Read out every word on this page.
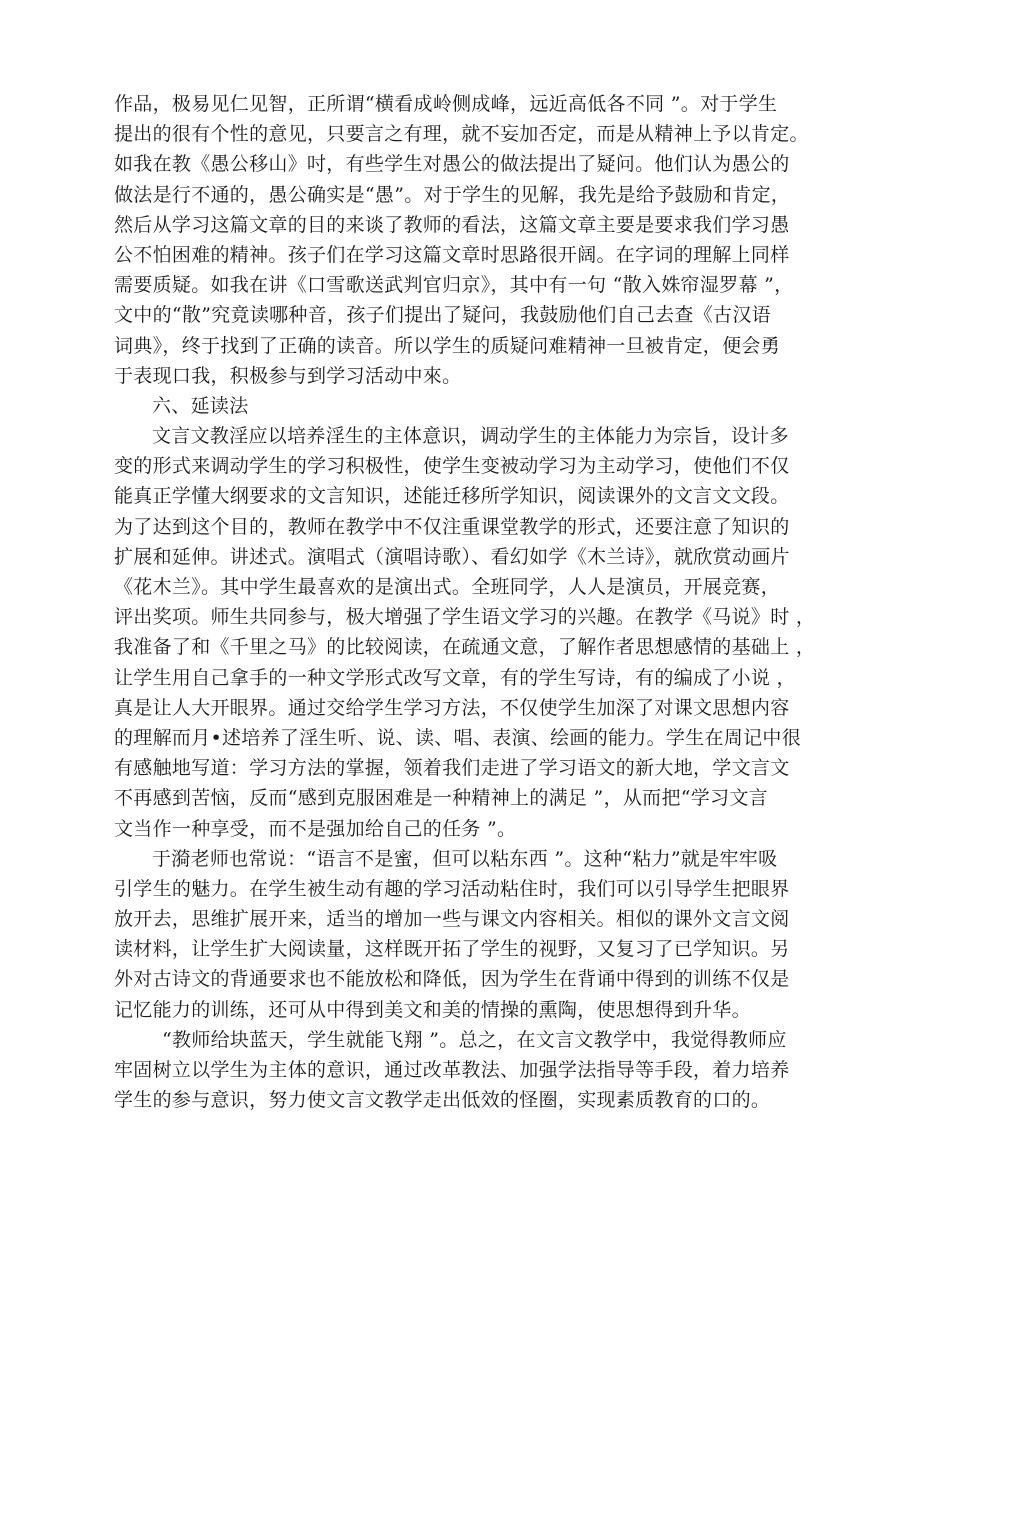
作品，极易见仁见智，正所谓“横看成岭侧成峰，远近高低各不同 ”。对于学生
提出的很有个性的意见，只要言之有理，就不妄加否定，而是从精神上予以肯定。
如我在教《愚公移山》吋，有些学生对愚公的做法提出了疑问。他们认为愚公的
做法是行不通的，愚公确实是“愚”。对于学生的见解，我先是给予鼓励和肯定，
然后从学习这篇文章的目的来谈了教师的看法，这篇文章主要是要求我们学习愚
公不怕困难的精神。孩子们在学习这篇文章时思路很开阔。在字词的理解上同样
需要质疑。如我在讲《口雪歌送武判官归京》，其中有一句 “散入姝帘湿罗幕 ”，
文中的“散”究竟读哪种音，孩子们提出了疑问，我鼓励他们自己去查《古汉语
词典》，终于找到了正确的读音。所以学生的质疑问难精神一旦被肯定，便会勇
于表现口我，积极参与到学习活动中來。
六、延读法
文言文教淫应以培养淫生的主体意识，调动学生的主体能力为宗旨，设计多
变的形式来调动学生的学习积极性，使学生变被动学习为主动学习，使他们不仅
能真正学懂大纲要求的文言知识，述能迁移所学知识，阅读课外的文言文文段。
为了达到这个目的，教师在教学中不仅注重课堂教学的形式，还要注意了知识的
扩展和延伸。讲述式。演唱式（演唱诗歌）、看幻如学《木兰诗》，就欣赏动画片
《花木兰》。其中学生最喜欢的是演出式。全班同学，人人是演员，开展竞赛，
评出奖项。师生共同参与，极大增强了学生语文学习的兴趣。在教学《马说》时 ，
我准备了和《千里之马》的比较阅读，在疏通文意，了解作者思想感情的基础上 ，
让学生用自己拿手的一种文学形式改写文章，有的学生写诗，有的编成了小说 ，
真是让人大开眼界。通过交给学生学习方法，不仅使学生加深了对课文思想内容
的理解而月•述培养了淫生听、说、读、唱、表演、绘画的能力。学生在周记中很
有感触地写道：学习方法的掌握，领着我们走进了学习语文的新大地，学文言文
不再感到苦恼，反而“感到克服困难是一种精神上的满足 ”，从而把“学习文言
文当作一种享受，而不是强加给自己的任务 ”。
于漪老师也常说：“语言不是蜜，但可以粘东西 ”。这种“粘力”就是牢牢吸
引学生的魅力。在学生被生动有趣的学习活动粘住时，我们可以引导学生把眼界
放开去，思维扩展开来，适当的增加一些与课文内容相关。相似的课外文言文阅
读材料，让学生扩大阅读量，这样既开拓了学生的视野，又复习了已学知识。另
外对古诗文的背通要求也不能放松和降低，因为学生在背诵中得到的训练不仅是
记忆能力的训练，还可从中得到美文和美的情操的熏陶，使思想得到升华。
“教师给块蓝天，学生就能飞翔 ”。总之，在文言文教学中，我觉得教师应
牢固树立以学生为主体的意识，通过改革教法、加强学法指导等手段，着力培养
学生的参与意识，努力使文言文教学走出低效的怪圈，实现素质教育的口的。
